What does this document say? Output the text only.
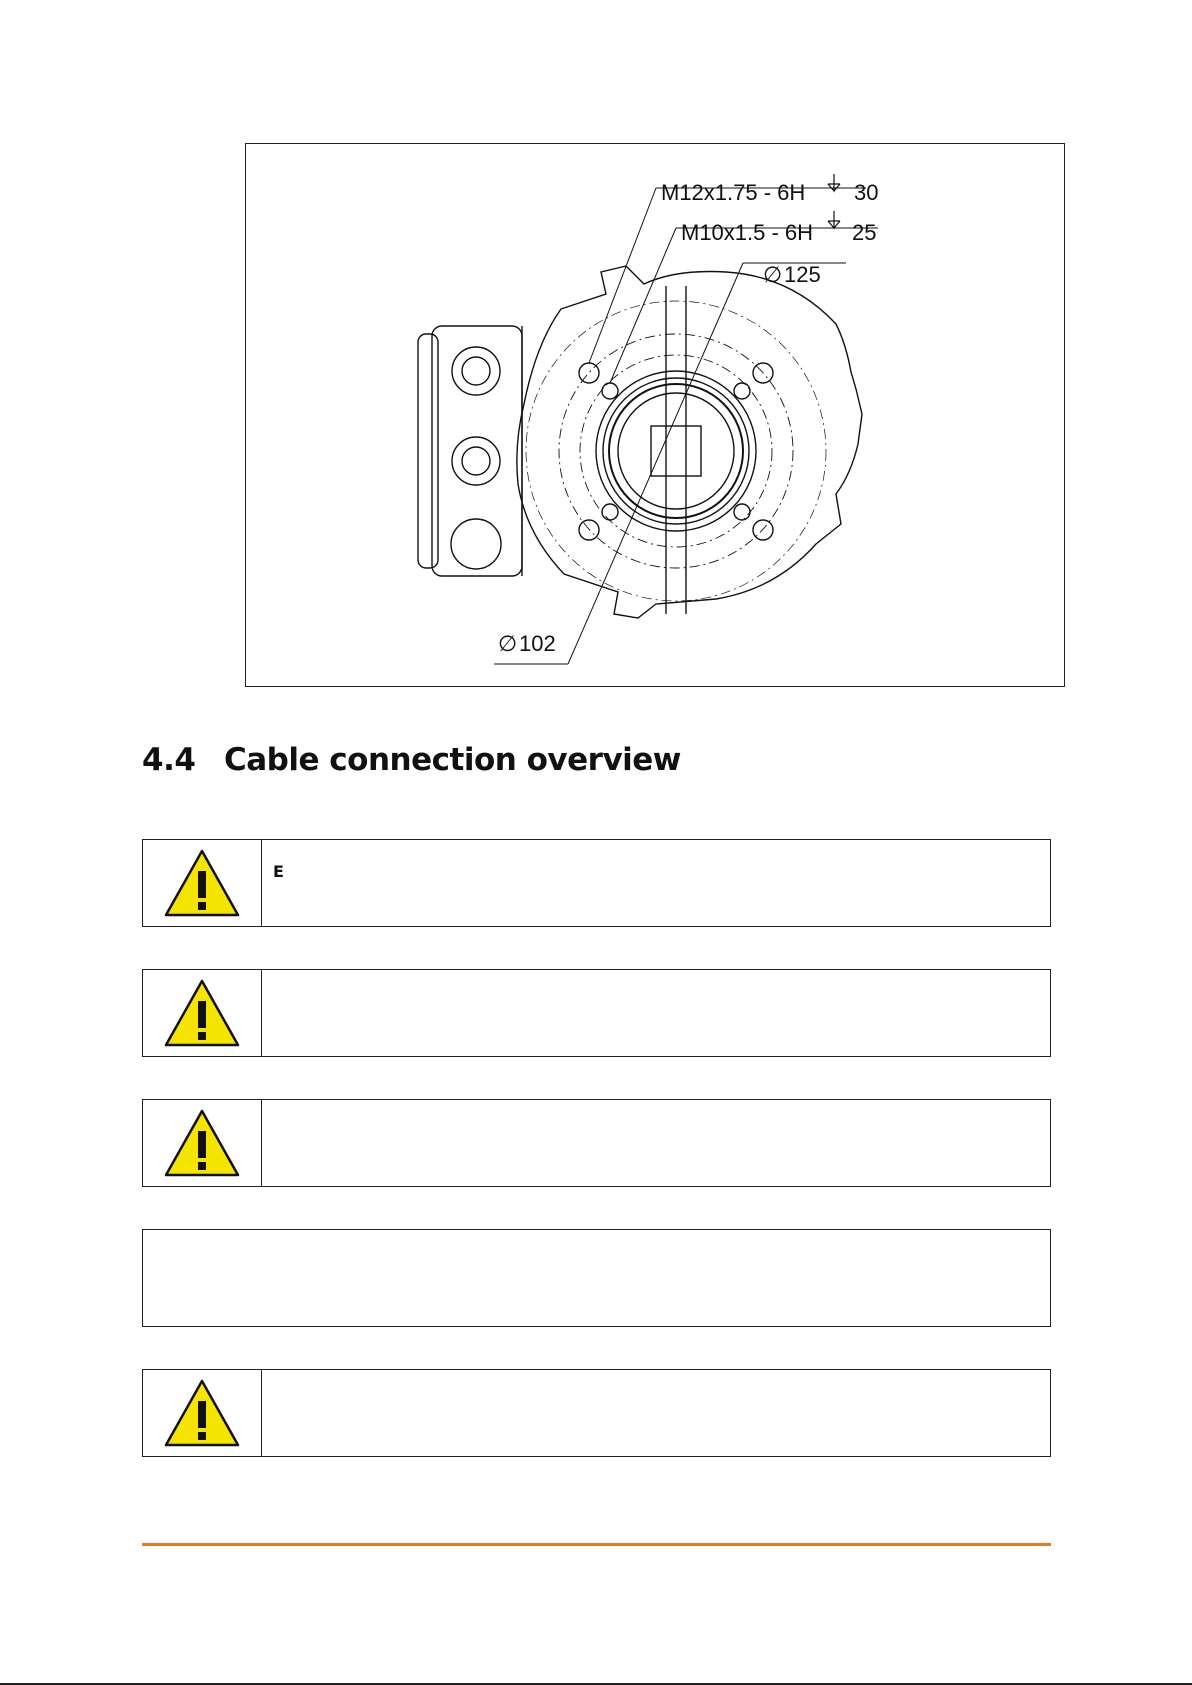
M12x1.75 - 6H 30
M10x1.5 - 6H 25
∅ 125
∅ 102
4.4 Cable connection overview
E
